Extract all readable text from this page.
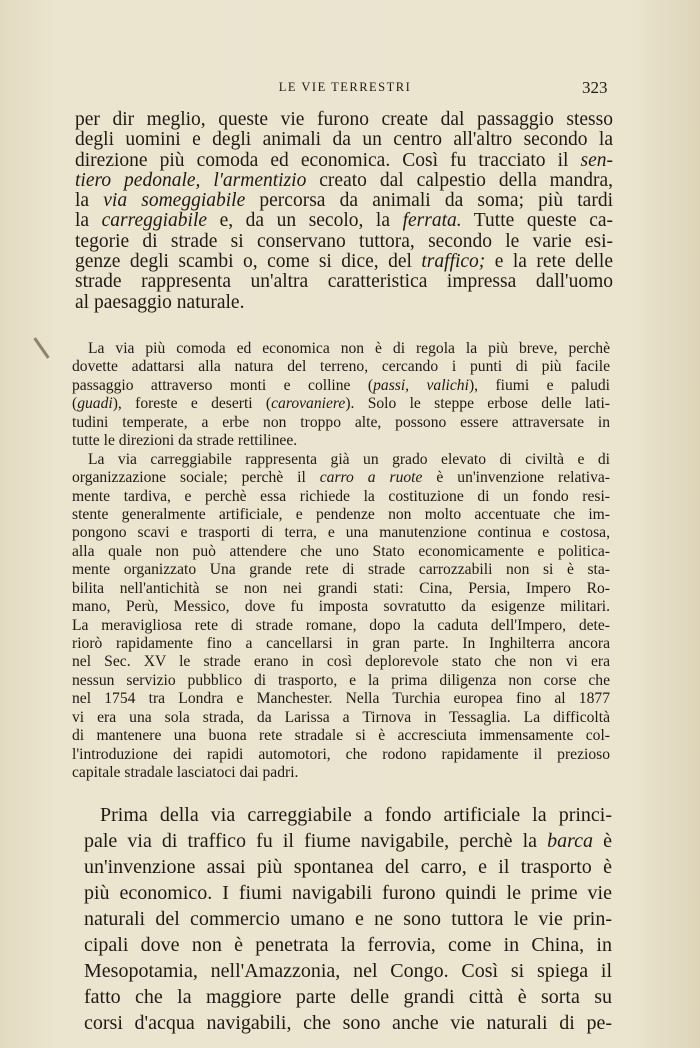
LE VIE TERRESTRI	323
per dir meglio, queste vie furono create dal passaggio stesso
degli uomini e degli animali da un centro all'altro secondo la
direzione più comoda ed economica. Così fu tracciato il sen-
tiero pedonale, l'armentizio creato dal calpestio della mandra,
la via someggiabile percorsa da animali da soma; più tardi
la carreggiabile e, da un secolo, la ferrata. Tutte queste ca-
tegorie di strade si conservano tuttora, secondo le varie esi-
genze degli scambi o, come si dice, del traffico; e la rete delle
strade rappresenta un'altra caratteristica impressa dall'uomo
al paesaggio naturale.
La via più comoda ed economica non è di regola la più breve, perchè
dovette adattarsi alla natura del terreno, cercando i punti di più facile
passaggio attraverso monti e colline (passi, valichi), fiumi e paludi
(guadi), foreste e deserti (carovaniere). Solo le steppe erbose delle lati-
tudini temperate, a erbe non troppo alte, possono essere attraversate in
tutte le direzioni da strade rettilinee.
La via carreggiabile rappresenta già un grado elevato di civiltà e di
organizzazione sociale; perchè il carro a ruote è un'invenzione relativa-
mente tardiva, e perchè essa richiede la costituzione di un fondo resi-
stente generalmente artificiale, e pendenze non molto accentuate che im-
pongono scavi e trasporti di terra, e una manutenzione continua e costosa,
alla quale non può attendere che uno Stato economicamente e politica-
mente organizzato Una grande rete di strade carrozzabili non si è sta-
bilita nell'antichità se non nei grandi stati: Cina, Persia, Impero Ro-
mano, Perù, Messico, dove fu imposta sovratutto da esigenze militari.
La meravigliosa rete di strade romane, dopo la caduta dell'Impero, dete-
riorò rapidamente fino a cancellarsi in gran parte. In Inghilterra ancora
nel Sec. XV le strade erano in così deplorevole stato che non vi era
nessun servizio pubblico di trasporto, e la prima diligenza non corse che
nel 1754 tra Londra e Manchester. Nella Turchia europea fino al 1877
vi era una sola strada, da Larissa a Tirnova in Tessaglia. La difficoltà
di mantenere una buona rete stradale si è accresciuta immensamente col-
l'introduzione dei rapidi automotori, che rodono rapidamente il prezioso
capitale stradale lasciatoci dai padri.
Prima della via carreggiabile a fondo artificiale la princi-
pale via di traffico fu il fiume navigabile, perchè la barca è
un'invenzione assai più spontanea del carro, e il trasporto è
più economico. I fiumi navigabili furono quindi le prime vie
naturali del commercio umano e ne sono tuttora le vie prin-
cipali dove non è penetrata la ferrovia, come in China, in
Mesopotamia, nell'Amazzonia, nel Congo. Così si spiega il
fatto che la maggiore parte delle grandi città è sorta su
corsi d'acqua navigabili, che sono anche vie naturali di pe-
